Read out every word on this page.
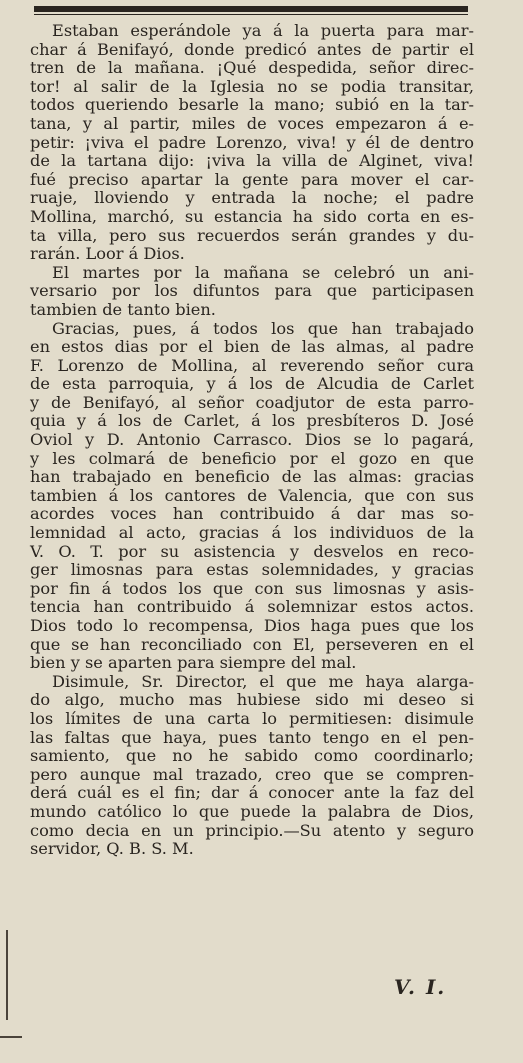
Estaban esperándole ya á la puerta para mar-
char á Benifayó, donde predicó antes de partir el
tren de la mañana. ¡Qué despedida, señor direc-
tor! al salir de la Iglesia no se podia transitar,
todos queriendo besarle la mano; subió en la tar-
tana, y al partir, miles de voces empezaron á e-
petir: ¡viva el padre Lorenzo, viva! y él de dentro
de la tartana dijo: ¡viva la villa de Alginet, viva!
fué preciso apartar la gente para mover el car-
ruaje, lloviendo y entrada la noche; el padre
Mollina, marchó, su estancia ha sido corta en es-
ta villa, pero sus recuerdos serán grandes y du-
rarán. Loor á Dios.
El martes por la mañana se celebró un ani-
versario por los difuntos para que participasen
tambien de tanto bien.
Gracias, pues, á todos los que han trabajado
en estos dias por el bien de las almas, al padre
F. Lorenzo de Mollina, al reverendo señor cura
de esta parroquia, y á los de Alcudia de Carlet
y de Benifayó, al señor coadjutor de esta parro-
quia y á los de Carlet, á los presbíteros D. José
Oviol y D. Antonio Carrasco. Dios se lo pagará,
y les colmará de beneficio por el gozo en que
han trabajado en beneficio de las almas: gracias
tambien á los cantores de Valencia, que con sus
acordes voces han contribuido á dar mas so-
lemnidad al acto, gracias á los individuos de la
V. O. T. por su asistencia y desvelos en reco-
ger limosnas para estas solemnidades, y gracias
por fin á todos los que con sus limosnas y asis-
tencia han contribuido á solemnizar estos actos.
Dios todo lo recompensa, Dios haga pues que los
que se han reconciliado con El, perseveren en el
bien y se aparten para siempre del mal.
Disimule, Sr. Director, el que me haya alarga-
do algo, mucho mas hubiese sido mi deseo si
los límites de una carta lo permitiesen: disimule
las faltas que haya, pues tanto tengo en el pen-
samiento, que no he sabido como coordinarlo;
pero aunque mal trazado, creo que se compren-
derá cuál es el fin; dar á conocer ante la faz del
mundo católico lo que puede la palabra de Dios,
como decia en un principio.—Su atento y seguro
servidor, Q. B. S. M.
V. I.
